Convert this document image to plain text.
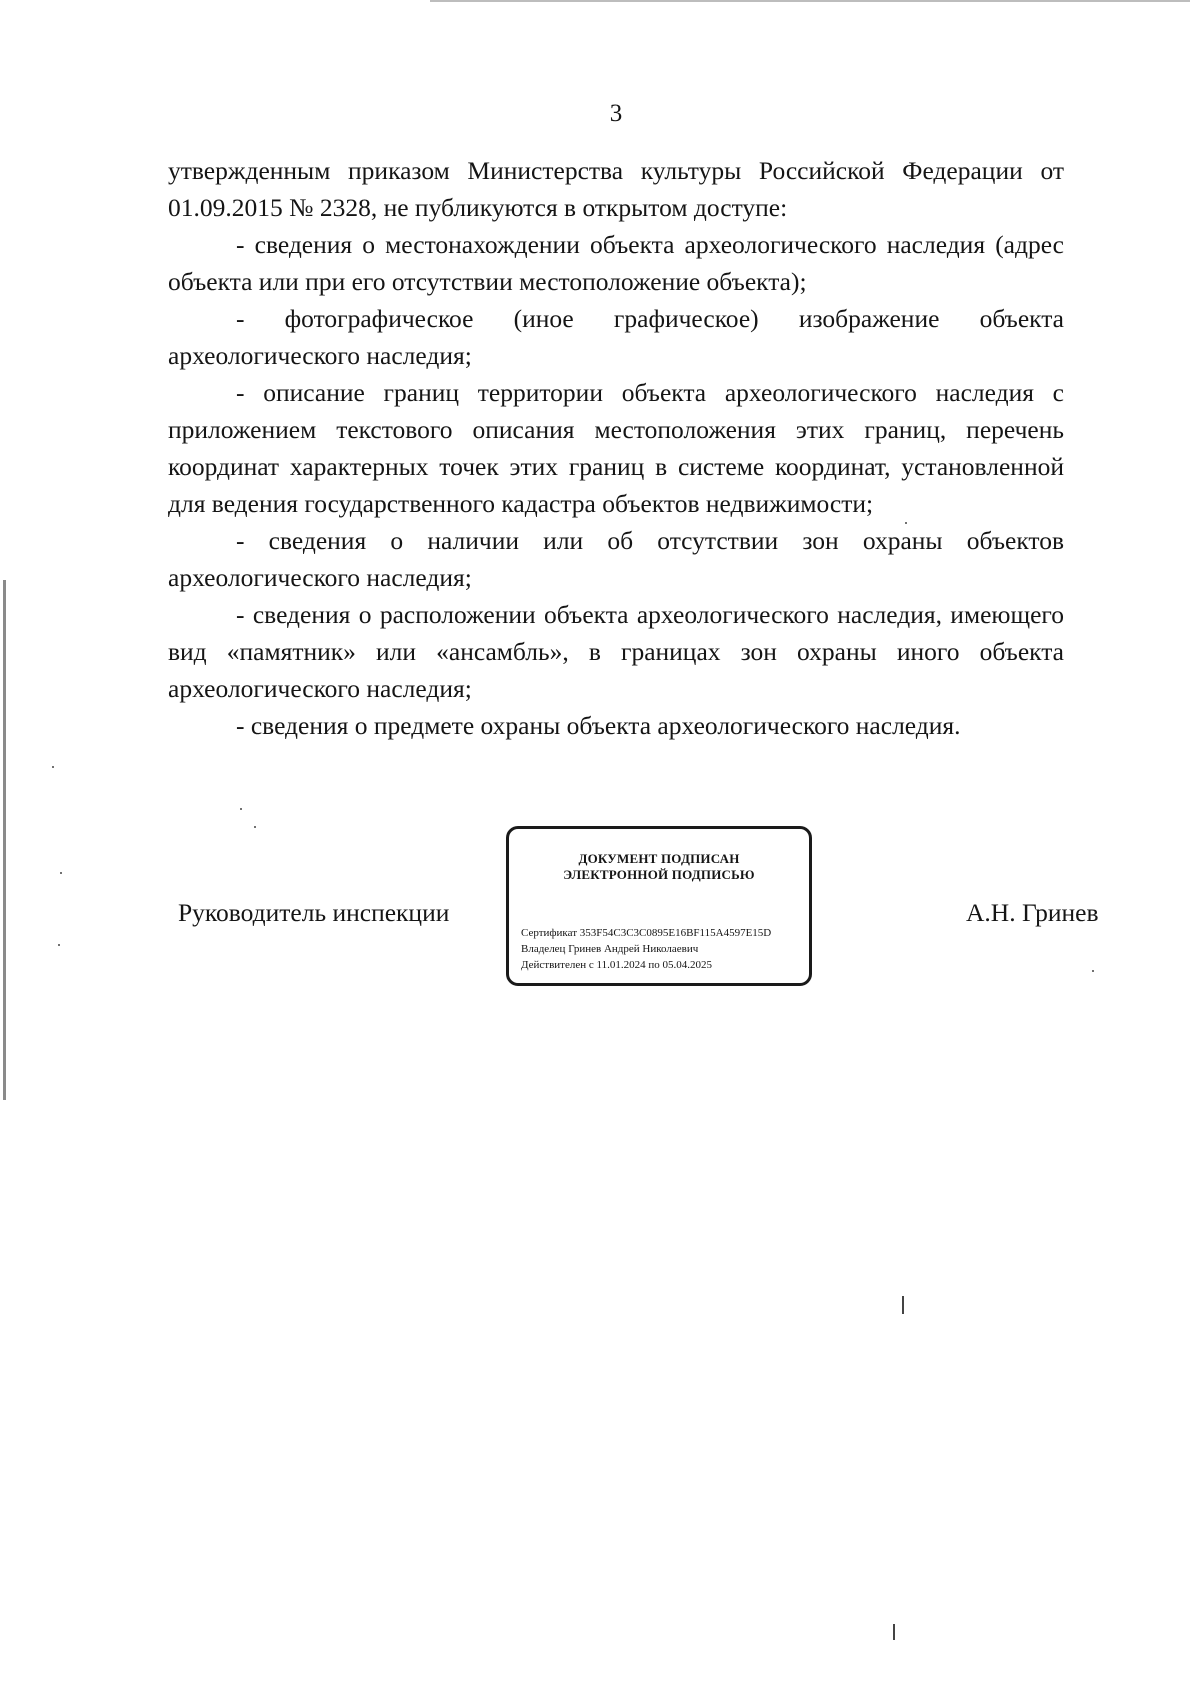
3

утвержденным приказом Министерства культуры Российской Федерации от 01.09.2015 № 2328, не публикуются в открытом доступе:

- сведения о местонахождении объекта археологического наследия (адрес объекта или при его отсутствии местоположение объекта);

- фотографическое (иное графическое) изображение объекта археологического наследия;

- описание границ территории объекта археологического наследия с приложением текстового описания местоположения этих границ, перечень координат характерных точек этих границ в системе координат, установленной для ведения государственного кадастра объектов недвижимости;

- сведения о наличии или об отсутствии зон охраны объектов археологического наследия;

- сведения о расположении объекта археологического наследия, имеющего вид «памятник» или «ансамбль», в границах зон охраны иного объекта археологического наследия;

- сведения о предмете охраны объекта археологического наследия.

Руководитель инспекции
ДОКУМЕНТ ПОДПИСАН
ЭЛЕКТРОННОЙ ПОДПИСЬЮ
Сертификат 353F54C3C3C0895E16BF115A4597E15D
Владелец Гринев Андрей Николаевич
Действителен с 11.01.2024 по 05.04.2025
А.Н. Гринев
